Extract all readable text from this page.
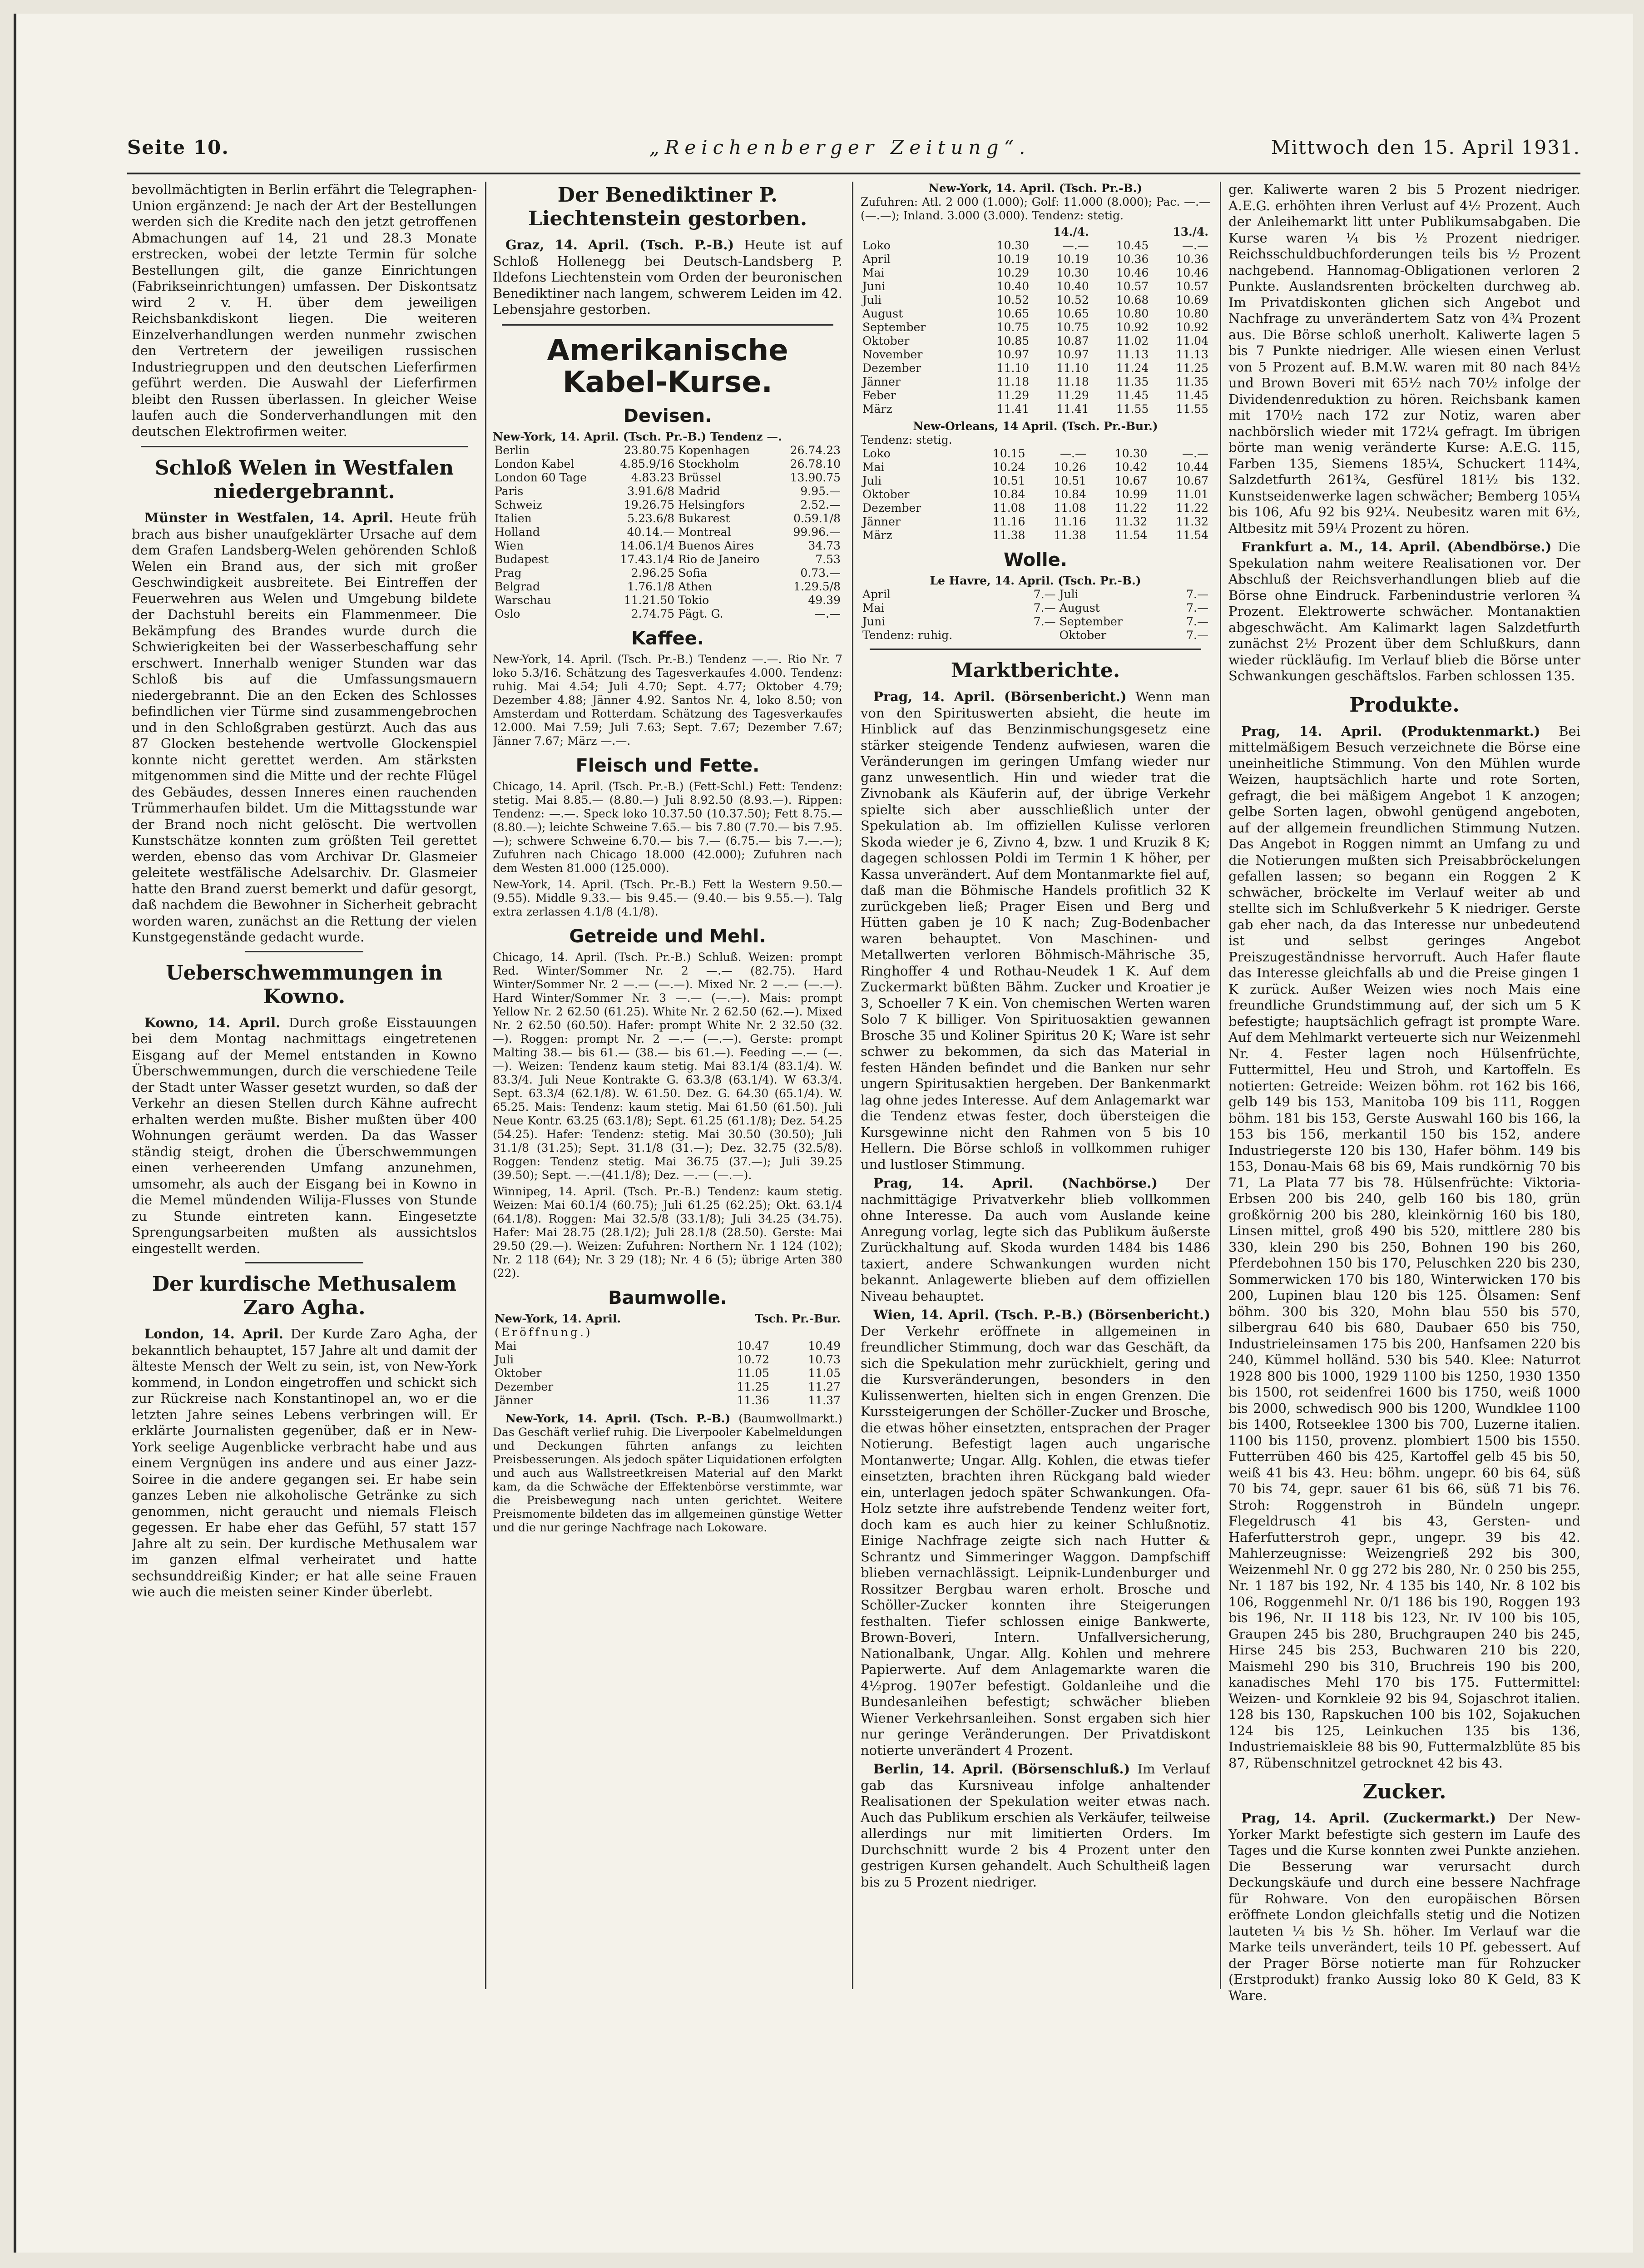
Seite 10.	„Reichenberger Zeitung“.	Mittwoch den 15. April 1931.

bevollmächtigten in Berlin erfährt die Telegraphen-Union ergänzend: Je nach der Art der Bestellungen werden sich die Kredite nach den jetzt getroffenen Abmachungen auf 14, 21 und 28.3 Monate erstrecken, wobei der letzte Termin für solche Bestellungen gilt, die ganze Einrichtungen (Fabrikseinrichtungen) umfassen. Der Diskontsatz wird 2 v. H. über dem jeweiligen Reichsbankdiskont liegen. Die weiteren Einzelverhandlungen werden nunmehr zwischen den Vertretern der jeweiligen russischen Industriegruppen und den deutschen Lieferfirmen geführt werden. Die Auswahl der Lieferfirmen bleibt den Russen überlassen. In gleicher Weise laufen auch die Sonderverhandlungen mit den deutschen Elektrofirmen weiter.

Schloß Welen in Westfalen niedergebrannt.

Münster in Westfalen, 14. April. Heute früh brach aus bisher unaufgeklärter Ursache auf dem dem Grafen Landsberg-Welen gehörenden Schloß Welen ein Brand aus, der sich mit großer Geschwindigkeit ausbreitete. Bei Eintreffen der Feuerwehren aus Welen und Umgebung bildete der Dachstuhl bereits ein Flammenmeer. Die Bekämpfung des Brandes wurde durch die Schwierigkeiten bei der Wasserbeschaffung sehr erschwert. Innerhalb weniger Stunden war das Schloß bis auf die Umfassungsmauern niedergebrannt. Die an den Ecken des Schlosses befindlichen vier Türme sind zusammengebrochen und in den Schloßgraben gestürzt. Auch das aus 87 Glocken bestehende wertvolle Glockenspiel konnte nicht gerettet werden. Am stärksten mitgenommen sind die Mitte und der rechte Flügel des Gebäudes, dessen Inneres einen rauchenden Trümmerhaufen bildet. Um die Mittagsstunde war der Brand noch nicht gelöscht. Die wertvollen Kunstschätze konnten zum größten Teil gerettet werden, ebenso das vom Archivar Dr. Glasmeier geleitete westfälische Adelsarchiv. Dr. Glasmeier hatte den Brand zuerst bemerkt und dafür gesorgt, daß nachdem die Bewohner in Sicherheit gebracht worden waren, zunächst an die Rettung der vielen Kunstgegenstände gedacht wurde.

Ueberschwemmungen in Kowno.

Kowno, 14. April. Durch große Eisstauungen bei dem Montag nachmittags eingetretenen Eisgang auf der Memel entstanden in Kowno Überschwemmungen, durch die verschiedene Teile der Stadt unter Wasser gesetzt wurden, so daß der Verkehr an diesen Stellen durch Kähne aufrecht erhalten werden mußte. Bisher mußten über 400 Wohnungen geräumt werden. Da das Wasser ständig steigt, drohen die Überschwemmungen einen verheerenden Umfang anzunehmen, umsomehr, als auch der Eisgang bei in Kowno in die Memel mündenden Wilija-Flusses von Stunde zu Stunde eintreten kann. Eingesetzte Sprengungsarbeiten mußten als aussichtslos eingestellt werden.

Der kurdische Methusalem Zaro Agha.

London, 14. April. Der Kurde Zaro Agha, der bekanntlich behauptet, 157 Jahre alt und damit der älteste Mensch der Welt zu sein, ist, von New-York kommend, in London eingetroffen und schickt sich zur Rückreise nach Konstantinopel an, wo er die letzten Jahre seines Lebens verbringen will. Er erklärte Journalisten gegenüber, daß er in New-York seelige Augenblicke verbracht habe und aus einem Vergnügen ins andere und aus einer Jazz-Soiree in die andere gegangen sei. Er habe sein ganzes Leben nie alkoholische Getränke zu sich genommen, nicht geraucht und niemals Fleisch gegessen. Er habe eher das Gefühl, 57 statt 157 Jahre alt zu sein. Der kurdische Methusalem war im ganzen elfmal verheiratet und hatte sechsunddreißig Kinder; er hat alle seine Frauen wie auch die meisten seiner Kinder überlebt.

Der Benediktiner P. Liechtenstein gestorben.

Graz, 14. April. (Tsch. P.-B.) Heute ist auf Schloß Hollenegg bei Deutsch-Landsberg P. Ildefons Liechtenstein vom Orden der beuronischen Benediktiner nach langem, schwerem Leiden im 42. Lebensjahre gestorben.

Amerikanische Kabel-Kurse.
Devisen.
New-York, 14. April. (Tsch. Pr.-B.) Tendenz —.
Berlin	23.80.75	Kopenhagen	26.74.23
London Kabel	4.85.9/16	Stockholm	26.78.10
London 60 Tage	4.83.23	Brüssel	13.90.75
Paris	3.91.6/8	Madrid	9.95.—
Schweiz	19.26.75	Helsingfors	2.52.—
Italien	5.23.6/8	Bukarest	0.59.1/8
Holland	40.14.—	Montreal	99.96.—
Wien	14.06.1/4	Buenos Aires	34.73
Budapest	17.43.1/4	Rio de Janeiro	7.53
Prag	2.96.25	Sofia	0.73.—
Belgrad	1.76.1/8	Athen	1.29.5/8
Warschau	11.21.50	Tokio	49.39
Oslo	2.74.75	Pägt. G.	—.—
Kaffee.

New-York, 14. April. (Tsch. Pr.-B.) Tendenz —.—. Rio Nr. 7 loko 5.3/16. Schätzung des Tagesverkaufes 4.000. Tendenz: ruhig. Mai 4.54; Juli 4.70; Sept. 4.77; Oktober 4.79; Dezember 4.88; Jänner 4.92. Santos Nr. 4, loko 8.50; von Amsterdam und Rotterdam. Schätzung des Tagesverkaufes 12.000. Mai 7.59; Juli 7.63; Sept. 7.67; Dezember 7.67; Jänner 7.67; März —.—.

Fleisch und Fette.

Chicago, 14. April. (Tsch. Pr.-B.) (Fett-Schl.) Fett: Tendenz: stetig. Mai 8.85.— (8.80.—) Juli 8.92.50 (8.93.—). Rippen: Tendenz: —.—. Speck loko 10.37.50 (10.37.50); Fett 8.75.— (8.80.—); leichte Schweine 7.65.— bis 7.80 (7.70.— bis 7.95.—); schwere Schweine 6.70.— bis 7.— (6.75.— bis 7.—.—); Zufuhren nach Chicago 18.000 (42.000); Zufuhren nach dem Westen 81.000 (125.000).

New-York, 14. April. (Tsch. Pr.-B.) Fett la Western 9.50.— (9.55). Middle 9.33.— bis 9.45.— (9.40.— bis 9.55.—). Talg extra zerlassen 4.1/8 (4.1/8).

Getreide und Mehl.

Chicago, 14. April. (Tsch. Pr.-B.) Schluß. Weizen: prompt Red. Winter/Sommer Nr. 2 —.— (82.75). Hard Winter/Sommer Nr. 2 —.— (—.—). Mixed Nr. 2 —.— (—.—). Hard Winter/Sommer Nr. 3 —.— (—.—). Mais: prompt Yellow Nr. 2 62.50 (61.25). White Nr. 2 62.50 (62.—). Mixed Nr. 2 62.50 (60.50). Hafer: prompt White Nr. 2 32.50 (32.—). Roggen: prompt Nr. 2 —.— (—.—). Gerste: prompt Malting 38.— bis 61.— (38.— bis 61.—). Feeding —.— (—.—). Weizen: Tendenz kaum stetig. Mai 83.1/4 (83.1/4). W. 83.3/4. Juli Neue Kontrakte G. 63.3/8 (63.1/4). W 63.3/4. Sept. 63.3/4 (62.1/8). W. 61.50. Dez. G. 64.30 (65.1/4). W. 65.25. Mais: Tendenz: kaum stetig. Mai 61.50 (61.50). Juli Neue Kontr. 63.25 (63.1/8); Sept. 61.25 (61.1/8); Dez. 54.25 (54.25). Hafer: Tendenz: stetig. Mai 30.50 (30.50); Juli 31.1/8 (31.25); Sept. 31.1/8 (31.—); Dez. 32.75 (32.5/8). Roggen: Tendenz stetig. Mai 36.75 (37.—); Juli 39.25 (39.50); Sept. —.—(41.1/8); Dez. —.— (—.—).

Winnipeg, 14. April. (Tsch. Pr.-B.) Tendenz: kaum stetig. Weizen: Mai 60.1/4 (60.75); Juli 61.25 (62.25); Okt. 63.1/4 (64.1/8). Roggen: Mai 32.5/8 (33.1/8); Juli 34.25 (34.75). Hafer: Mai 28.75 (28.1/2); Juli 28.1/8 (28.50). Gerste: Mai 29.50 (29.—). Weizen: Zufuhren: Northern Nr. 1 124 (102); Nr. 2 118 (64); Nr. 3 29 (18); Nr. 4 6 (5); übrige Arten 380 (22).

Baumwolle.
New-York, 14. April.	Tsch. Pr.-Bur.	
(Eröffnung.)		
Mai	10.47	10.49
Juli	10.72	10.73
Oktober	11.05	11.05
Dezember	11.25	11.27
Jänner	11.36	11.37

New-York, 14. April. (Tsch. P.-B.) (Baumwollmarkt.) Das Geschäft verlief ruhig. Die Liverpooler Kabelmeldungen und Deckungen führten anfangs zu leichten Preisbesserungen. Als jedoch später Liquidationen erfolgten und auch aus Wallstreetkreisen Material auf den Markt kam, da die Schwäche der Effektenbörse verstimmte, war die Preisbewegung nach unten gerichtet. Weitere Preismomente bildeten das im allgemeinen günstige Wetter und die nur geringe Nachfrage nach Lokoware.

New-York, 14. April. (Tsch. Pr.-B.)

Zufuhren: Atl. 2 000 (1.000); Golf: 11.000 (8.000); Pac. —.— (—.—); Inland. 3.000 (3.000). Tendenz: stetig.

	14./4.		13./4.	
Loko	10.30	—.—	10.45	—.—
April	10.19	10.19	10.36	10.36
Mai	10.29	10.30	10.46	10.46
Juni	10.40	10.40	10.57	10.57
Juli	10.52	10.52	10.68	10.69
August	10.65	10.65	10.80	10.80
September	10.75	10.75	10.92	10.92
Oktober	10.85	10.87	11.02	11.04
November	10.97	10.97	11.13	11.13
Dezember	11.10	11.10	11.24	11.25
Jänner	11.18	11.18	11.35	11.35
Feber	11.29	11.29	11.45	11.45
März	11.41	11.41	11.55	11.55
New-Orleans, 14 April. (Tsch. Pr.-Bur.)
Tendenz: stetig.
Loko	10.15	—.—	10.30	—.—
Mai	10.24	10.26	10.42	10.44
Juli	10.51	10.51	10.67	10.67
Oktober	10.84	10.84	10.99	11.01
Dezember	11.08	11.08	11.22	11.22
Jänner	11.16	11.16	11.32	11.32
März	11.38	11.38	11.54	11.54
Wolle.
Le Havre, 14. April. (Tsch. Pr.-B.)
April	7.—	Juli	7.—
Mai	7.—	August	7.—
Juni	7.—	September	7.—
Tendenz: ruhig.		Oktober	7.—
Marktberichte.

Prag, 14. April. (Börsenbericht.) Wenn man von den Spirituswerten absieht, die heute im Hinblick auf das Benzinmischungsgesetz eine stärker steigende Tendenz aufwiesen, waren die Veränderungen im geringen Umfang wieder nur ganz unwesentlich. Hin und wieder trat die Zivnobank als Käuferin auf, der übrige Verkehr spielte sich aber ausschließlich unter der Spekulation ab. Im offiziellen Kulisse verloren Skoda wieder je 6, Zivno 4, bzw. 1 und Kruzik 8 K; dagegen schlossen Poldi im Termin 1 K höher, per Kassa unverändert. Auf dem Montanmarkte fiel auf, daß man die Böhmische Handels profitlich 32 K zurückgeben ließ; Prager Eisen und Berg und Hütten gaben je 10 K nach; Zug-Bodenbacher waren behauptet. Von Maschinen- und Metallwerten verloren Böhmisch-Mährische 35, Ringhoffer 4 und Rothau-Neudek 1 K. Auf dem Zuckermarkt büßten Bähm. Zucker und Kroatier je 3, Schoeller 7 K ein. Von chemischen Werten waren Solo 7 K billiger. Von Spirituosaktien gewannen Brosche 35 und Koliner Spiritus 20 K; Ware ist sehr schwer zu bekommen, da sich das Material in festen Händen befindet und die Banken nur sehr ungern Spiritusaktien hergeben. Der Bankenmarkt lag ohne jedes Interesse. Auf dem Anlagemarkt war die Tendenz etwas fester, doch übersteigen die Kursgewinne nicht den Rahmen von 5 bis 10 Hellern. Die Börse schloß in vollkommen ruhiger und lustloser Stimmung.

Prag, 14. April. (Nachbörse.) Der nachmittägige Privatverkehr blieb vollkommen ohne Interesse. Da auch vom Auslande keine Anregung vorlag, legte sich das Publikum äußerste Zurückhaltung auf. Skoda wurden 1484 bis 1486 taxiert, andere Schwankungen wurden nicht bekannt. Anlagewerte blieben auf dem offiziellen Niveau behauptet.

Wien, 14. April. (Tsch. P.-B.) (Börsenbericht.) Der Verkehr eröffnete in allgemeinen in freundlicher Stimmung, doch war das Geschäft, da sich die Spekulation mehr zurückhielt, gering und die Kursveränderungen, besonders in den Kulissenwerten, hielten sich in engen Grenzen. Die Kurssteigerungen der Schöller-Zucker und Brosche, die etwas höher einsetzten, entsprachen der Prager Notierung. Befestigt lagen auch ungarische Montanwerte; Ungar. Allg. Kohlen, die etwas tiefer einsetzten, brachten ihren Rückgang bald wieder ein, unterlagen jedoch später Schwankungen. Ofa-Holz setzte ihre aufstrebende Tendenz weiter fort, doch kam es auch hier zu keiner Schlußnotiz. Einige Nachfrage zeigte sich nach Hutter & Schrantz und Simmeringer Waggon. Dampfschiff blieben vernachlässigt. Leipnik-Lundenburger und Rossitzer Bergbau waren erholt. Brosche und Schöller-Zucker konnten ihre Steigerungen festhalten. Tiefer schlossen einige Bankwerte, Brown-Boveri, Intern. Unfallversicherung, Nationalbank, Ungar. Allg. Kohlen und mehrere Papierwerte. Auf dem Anlagemarkte waren die 4½prog. 1907er befestigt. Goldanleihe und die Bundesanleihen befestigt; schwächer blieben Wiener Verkehrsanleihen. Sonst ergaben sich hier nur geringe Veränderungen. Der Privatdiskont notierte unverändert 4 Prozent.

Berlin, 14. April. (Börsenschluß.) Im Verlauf gab das Kursniveau infolge anhaltender Realisationen der Spekulation weiter etwas nach. Auch das Publikum erschien als Verkäufer, teilweise allerdings nur mit limitierten Orders. Im Durchschnitt wurde 2 bis 4 Prozent unter den gestrigen Kursen gehandelt. Auch Schultheiß lagen bis zu 5 Prozent niedriger.

ger. Kaliwerte waren 2 bis 5 Prozent niedriger. A.E.G. erhöhten ihren Verlust auf 4½ Prozent. Auch der Anleihemarkt litt unter Publikumsabgaben. Die Kurse waren ¼ bis ½ Prozent niedriger. Reichsschuldbuchforderungen teils bis ½ Prozent nachgebend. Hannomag-Obligationen verloren 2 Punkte. Auslandsrenten bröckelten durchweg ab. Im Privatdiskonten glichen sich Angebot und Nachfrage zu unverändertem Satz von 4¾ Prozent aus. Die Börse schloß unerholt. Kaliwerte lagen 5 bis 7 Punkte niedriger. Alle wiesen einen Verlust von 5 Prozent auf. B.M.W. waren mit 80 nach 84½ und Brown Boveri mit 65½ nach 70½ infolge der Dividendenreduktion zu hören. Reichsbank kamen mit 170½ nach 172 zur Notiz, waren aber nachbörslich wieder mit 172¼ gefragt. Im übrigen börte man wenig veränderte Kurse: A.E.G. 115, Farben 135, Siemens 185¼, Schuckert 114¾, Salzdetfurth 261¾, Gesfürel 181½ bis 132. Kunstseidenwerke lagen schwächer; Bemberg 105¼ bis 106, Afu 92 bis 92¼. Neubesitz waren mit 6½, Altbesitz mit 59¼ Prozent zu hören.

Frankfurt a. M., 14. April. (Abendbörse.) Die Spekulation nahm weitere Realisationen vor. Der Abschluß der Reichsverhandlungen blieb auf die Börse ohne Eindruck. Farbenindustrie verloren ¾ Prozent. Elektrowerte schwächer. Montanaktien abgeschwächt. Am Kalimarkt lagen Salzdetfurth zunächst 2½ Prozent über dem Schlußkurs, dann wieder rückläufig. Im Verlauf blieb die Börse unter Schwankungen geschäftslos. Farben schlossen 135.

Produkte.

Prag, 14. April. (Produktenmarkt.) Bei mittelmäßigem Besuch verzeichnete die Börse eine uneinheitliche Stimmung. Von den Mühlen wurde Weizen, hauptsächlich harte und rote Sorten, gefragt, die bei mäßigem Angebot 1 K anzogen; gelbe Sorten lagen, obwohl genügend angeboten, auf der allgemein freundlichen Stimmung Nutzen. Das Angebot in Roggen nimmt an Umfang zu und die Notierungen mußten sich Preisabbröckelungen gefallen lassen; so begann ein Roggen 2 K schwächer, bröckelte im Verlauf weiter ab und stellte sich im Schlußverkehr 5 K niedriger. Gerste gab eher nach, da das Interesse nur unbedeutend ist und selbst geringes Angebot Preiszugeständnisse hervorruft. Auch Hafer flaute das Interesse gleichfalls ab und die Preise gingen 1 K zurück. Außer Weizen wies noch Mais eine freundliche Grundstimmung auf, der sich um 5 K befestigte; hauptsächlich gefragt ist prompte Ware. Auf dem Mehlmarkt verteuerte sich nur Weizenmehl Nr. 4. Fester lagen noch Hülsenfrüchte, Futtermittel, Heu und Stroh, und Kartoffeln. Es notierten: Getreide: Weizen böhm. rot 162 bis 166, gelb 149 bis 153, Manitoba 109 bis 111, Roggen böhm. 181 bis 153, Gerste Auswahl 160 bis 166, la 153 bis 156, merkantil 150 bis 152, andere Industriegerste 120 bis 130, Hafer böhm. 149 bis 153, Donau-Mais 68 bis 69, Mais rundkörnig 70 bis 71, La Plata 77 bis 78. Hülsenfrüchte: Viktoria-Erbsen 200 bis 240, gelb 160 bis 180, grün großkörnig 200 bis 280, kleinkörnig 160 bis 180, Linsen mittel, groß 490 bis 520, mittlere 280 bis 330, klein 290 bis 250, Bohnen 190 bis 260, Pferdebohnen 150 bis 170, Peluschken 220 bis 230, Sommerwicken 170 bis 180, Winterwicken 170 bis 200, Lupinen blau 120 bis 125. Ölsamen: Senf böhm. 300 bis 320, Mohn blau 550 bis 570, silbergrau 640 bis 680, Daubaer 650 bis 750, Industrieleinsamen 175 bis 200, Hanfsamen 220 bis 240, Kümmel holländ. 530 bis 540. Klee: Naturrot 1928 800 bis 1000, 1929 1100 bis 1250, 1930 1350 bis 1500, rot seidenfrei 1600 bis 1750, weiß 1000 bis 2000, schwedisch 900 bis 1200, Wundklee 1100 bis 1400, Rotseeklee 1300 bis 700, Luzerne italien. 1100 bis 1150, provenz. plombiert 1500 bis 1550. Futterrüben 460 bis 425, Kartoffel gelb 45 bis 50, weiß 41 bis 43. Heu: böhm. ungepr. 60 bis 64, süß 70 bis 74, gepr. sauer 61 bis 66, süß 71 bis 76. Stroh: Roggenstroh in Bündeln ungepr. Flegeldrusch 41 bis 43, Gersten- und Haferfutterstroh gepr., ungepr. 39 bis 42. Mahlerzeugnisse: Weizengrieß 292 bis 300, Weizenmehl Nr. 0 gg 272 bis 280, Nr. 0 250 bis 255, Nr. 1 187 bis 192, Nr. 4 135 bis 140, Nr. 8 102 bis 106, Roggenmehl Nr. 0/1 186 bis 190, Roggen 193 bis 196, Nr. II 118 bis 123, Nr. IV 100 bis 105, Graupen 245 bis 280, Bruchgraupen 240 bis 245, Hirse 245 bis 253, Buchwaren 210 bis 220, Maismehl 290 bis 310, Bruchreis 190 bis 200, kanadisches Mehl 170 bis 175. Futtermittel: Weizen- und Kornkleie 92 bis 94, Sojaschrot italien. 128 bis 130, Rapskuchen 100 bis 102, Sojakuchen 124 bis 125, Leinkuchen 135 bis 136, Industriemaiskleie 88 bis 90, Futtermalzblüte 85 bis 87, Rübenschnitzel getrocknet 42 bis 43.

Zucker.

Prag, 14. April. (Zuckermarkt.) Der New-Yorker Markt befestigte sich gestern im Laufe des Tages und die Kurse konnten zwei Punkte anziehen. Die Besserung war verursacht durch Deckungskäufe und durch eine bessere Nachfrage für Rohware. Von den europäischen Börsen eröffnete London gleichfalls stetig und die Notizen lauteten ¼ bis ½ Sh. höher. Im Verlauf war die Marke teils unverändert, teils 10 Pf. gebessert. Auf der Prager Börse notierte man für Rohzucker (Erstprodukt) franko Aussig loko 80 K Geld, 83 K Ware.
